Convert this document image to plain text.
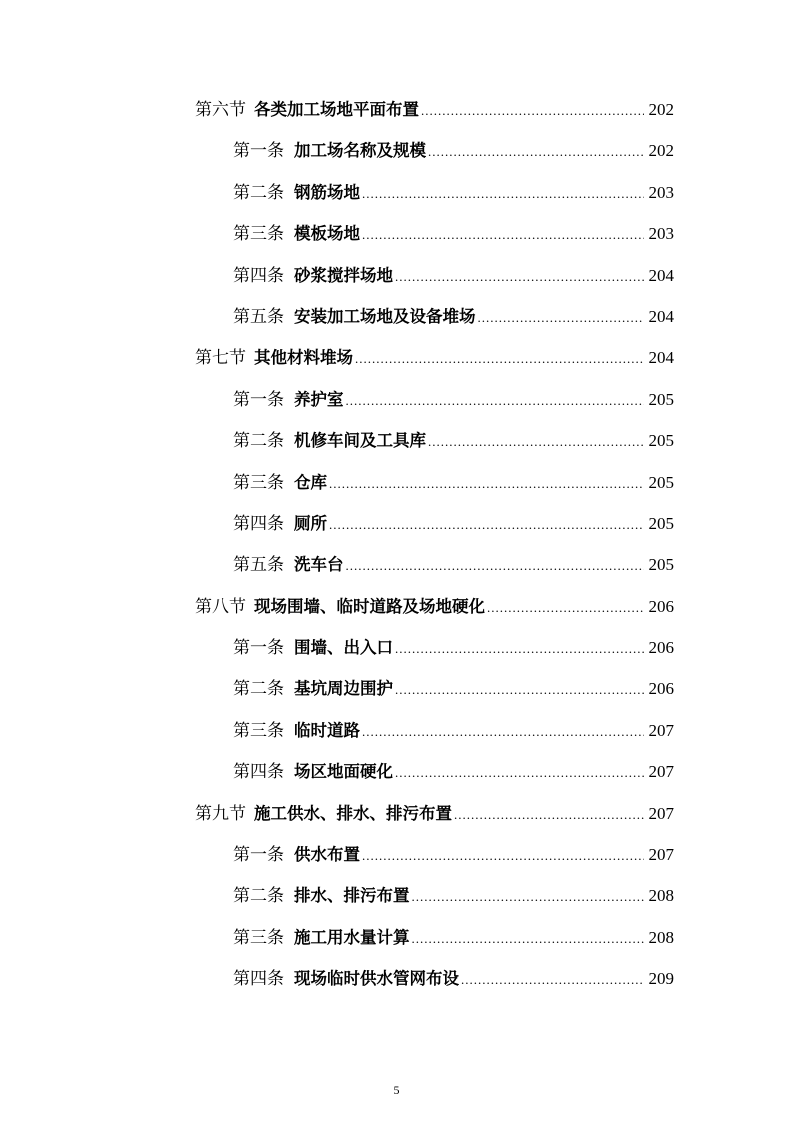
第六节 各类加工场地平面布置 .....	202
第一条 加工场名称及规模 .....	202
第二条 钢筋场地 .....	203
第三条 模板场地 .....	203
第四条 砂浆搅拌场地 .....	204
第五条 安装加工场地及设备堆场 .....	204
第七节 其他材料堆场 .....	204
第一条 养护室 .....	205
第二条 机修车间及工具库 .....	205
第三条 仓库 .....	205
第四条 厕所 .....	205
第五条 洗车台 .....	205
第八节 现场围墙、临时道路及场地硬化 .....	206
第一条 围墙、出入口 .....	206
第二条 基坑周边围护 .....	206
第三条 临时道路 .....	207
第四条 场区地面硬化 .....	207
第九节 施工供水、排水、排污布置 .....	207
第一条 供水布置 .....	207
第二条 排水、排污布置 .....	208
第三条 施工用水量计算 .....	208
第四条 现场临时供水管网布设 .....	209
5
